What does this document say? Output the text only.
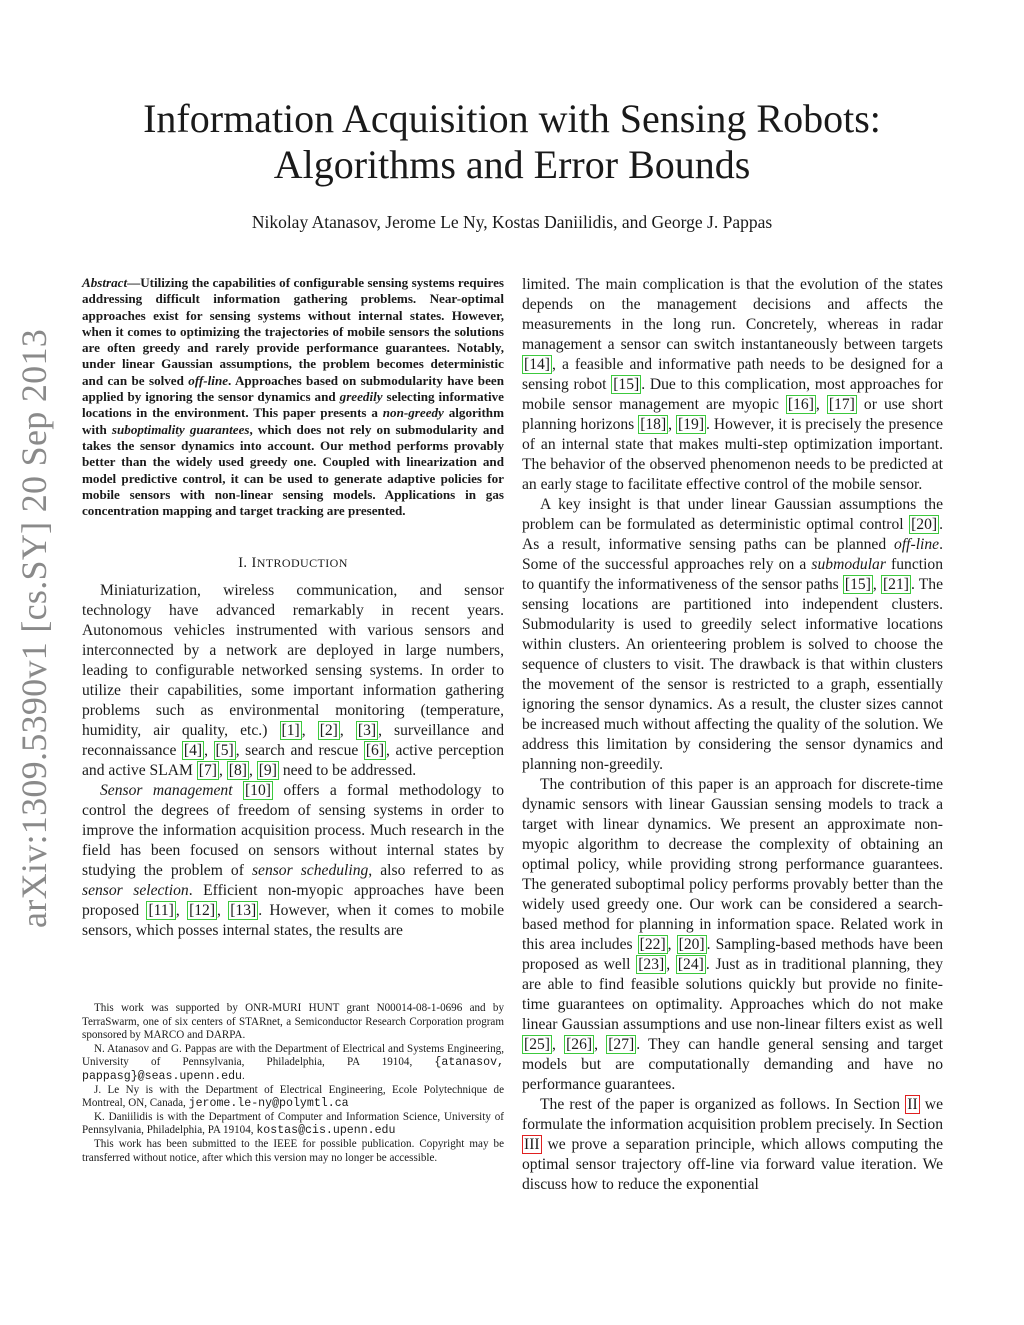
arXiv:1309.5390v1 [cs.SY] 20 Sep 2013
Information Acquisition with Sensing Robots:
Algorithms and Error Bounds
Nikolay Atanasov, Jerome Le Ny, Kostas Daniilidis, and George J. Pappas

Abstract—Utilizing the capabilities of configurable sensing systems requires addressing difficult information gathering problems. Near-optimal approaches exist for sensing systems without internal states. However, when it comes to optimizing the trajectories of mobile sensors the solutions are often greedy and rarely provide performance guarantees. Notably, under linear Gaussian assumptions, the problem becomes deterministic and can be solved off-line. Approaches based on submodularity have been applied by ignoring the sensor dynamics and greedily selecting informative locations in the environment. This paper presents a non-greedy algorithm with suboptimality guarantees, which does not rely on submodularity and takes the sensor dynamics into account. Our method performs provably better than the widely used greedy one. Coupled with linearization and model predictive control, it can be used to generate adaptive policies for mobile sensors with non-linear sensing models. Applications in gas concentration mapping and target tracking are presented.

I. INTRODUCTION

Miniaturization, wireless communication, and sensor technology have advanced remarkably in recent years. Autonomous vehicles instrumented with various sensors and interconnected by a network are deployed in large numbers, leading to configurable networked sensing systems. In order to utilize their capabilities, some important information gathering problems such as environmental monitoring (temperature, humidity, air quality, etc.) [1] , [2] , [3] , surveillance and reconnaissance [4] , [5] , search and rescue [6] , active perception and active SLAM [7] , [8] , [9] need to be addressed.

Sensor management [10] offers a formal methodology to control the degrees of freedom of sensing systems in order to improve the information acquisition process. Much research in the field has been focused on sensors without internal states by studying the problem of sensor scheduling, also referred to as sensor selection. Efficient non-myopic approaches have been proposed [11] , [12] , [13] . However, when it comes to mobile sensors, which posses internal states, the results are

This work was supported by ONR-MURI HUNT grant N00014-08-1-0696 and by TerraSwarm, one of six centers of STARnet, a Semiconductor Research Corporation program sponsored by MARCO and DARPA.

N. Atanasov and G. Pappas are with the Department of Electrical and Systems Engineering, University of Pennsylvania, Philadelphia, PA 19104, {atanasov, pappasg}@seas.upenn.edu.

J. Le Ny is with the Department of Electrical Engineering, Ecole Polytechnique de Montreal, ON, Canada, jerome.le-ny@polymtl.ca

K. Daniilidis is with the Department of Computer and Information Science, University of Pennsylvania, Philadelphia, PA 19104, kostas@cis.upenn.edu

This work has been submitted to the IEEE for possible publication. Copyright may be transferred without notice, after which this version may no longer be accessible.

limited. The main complication is that the evolution of the states depends on the management decisions and affects the measurements in the long run. Concretely, whereas in radar management a sensor can switch instantaneously between targets [14] , a feasible and informative path needs to be designed for a sensing robot [15] . Due to this complication, most approaches for mobile sensor management are myopic [16] , [17] or use short planning horizons [18] , [19] . However, it is precisely the presence of an internal state that makes multi-step optimization important. The behavior of the observed phenomenon needs to be predicted at an early stage to facilitate effective control of the mobile sensor.

A key insight is that under linear Gaussian assumptions the problem can be formulated as deterministic optimal control [20] . As a result, informative sensing paths can be planned off-line. Some of the successful approaches rely on a submodular function to quantify the informativeness of the sensor paths [15] , [21] . The sensing locations are partitioned into independent clusters. Submodularity is used to greedily select informative locations within clusters. An orienteering problem is solved to choose the sequence of clusters to visit. The drawback is that within clusters the movement of the sensor is restricted to a graph, essentially ignoring the sensor dynamics. As a result, the cluster sizes cannot be increased much without affecting the quality of the solution. We address this limitation by considering the sensor dynamics and planning non-greedily.

The contribution of this paper is an approach for discrete-time dynamic sensors with linear Gaussian sensing models to track a target with linear dynamics. We present an approximate non-myopic algorithm to decrease the complexity of obtaining an optimal policy, while providing strong performance guarantees. The generated suboptimal policy performs provably better than the widely used greedy one. Our work can be considered a search-based method for planning in information space. Related work in this area includes [22] , [20] . Sampling-based methods have been proposed as well [23] , [24] . Just as in traditional planning, they are able to find feasible solutions quickly but provide no finite-time guarantees on optimality. Approaches which do not make linear Gaussian assumptions and use non-linear filters exist as well [25] , [26] , [27] . They can handle general sensing and target models but are computationally demanding and have no performance guarantees.

The rest of the paper is organized as follows. In Section II we formulate the information acquisition problem precisely. In Section III we prove a separation principle, which allows computing the optimal sensor trajectory off-line via forward value iteration. We discuss how to reduce the exponential
